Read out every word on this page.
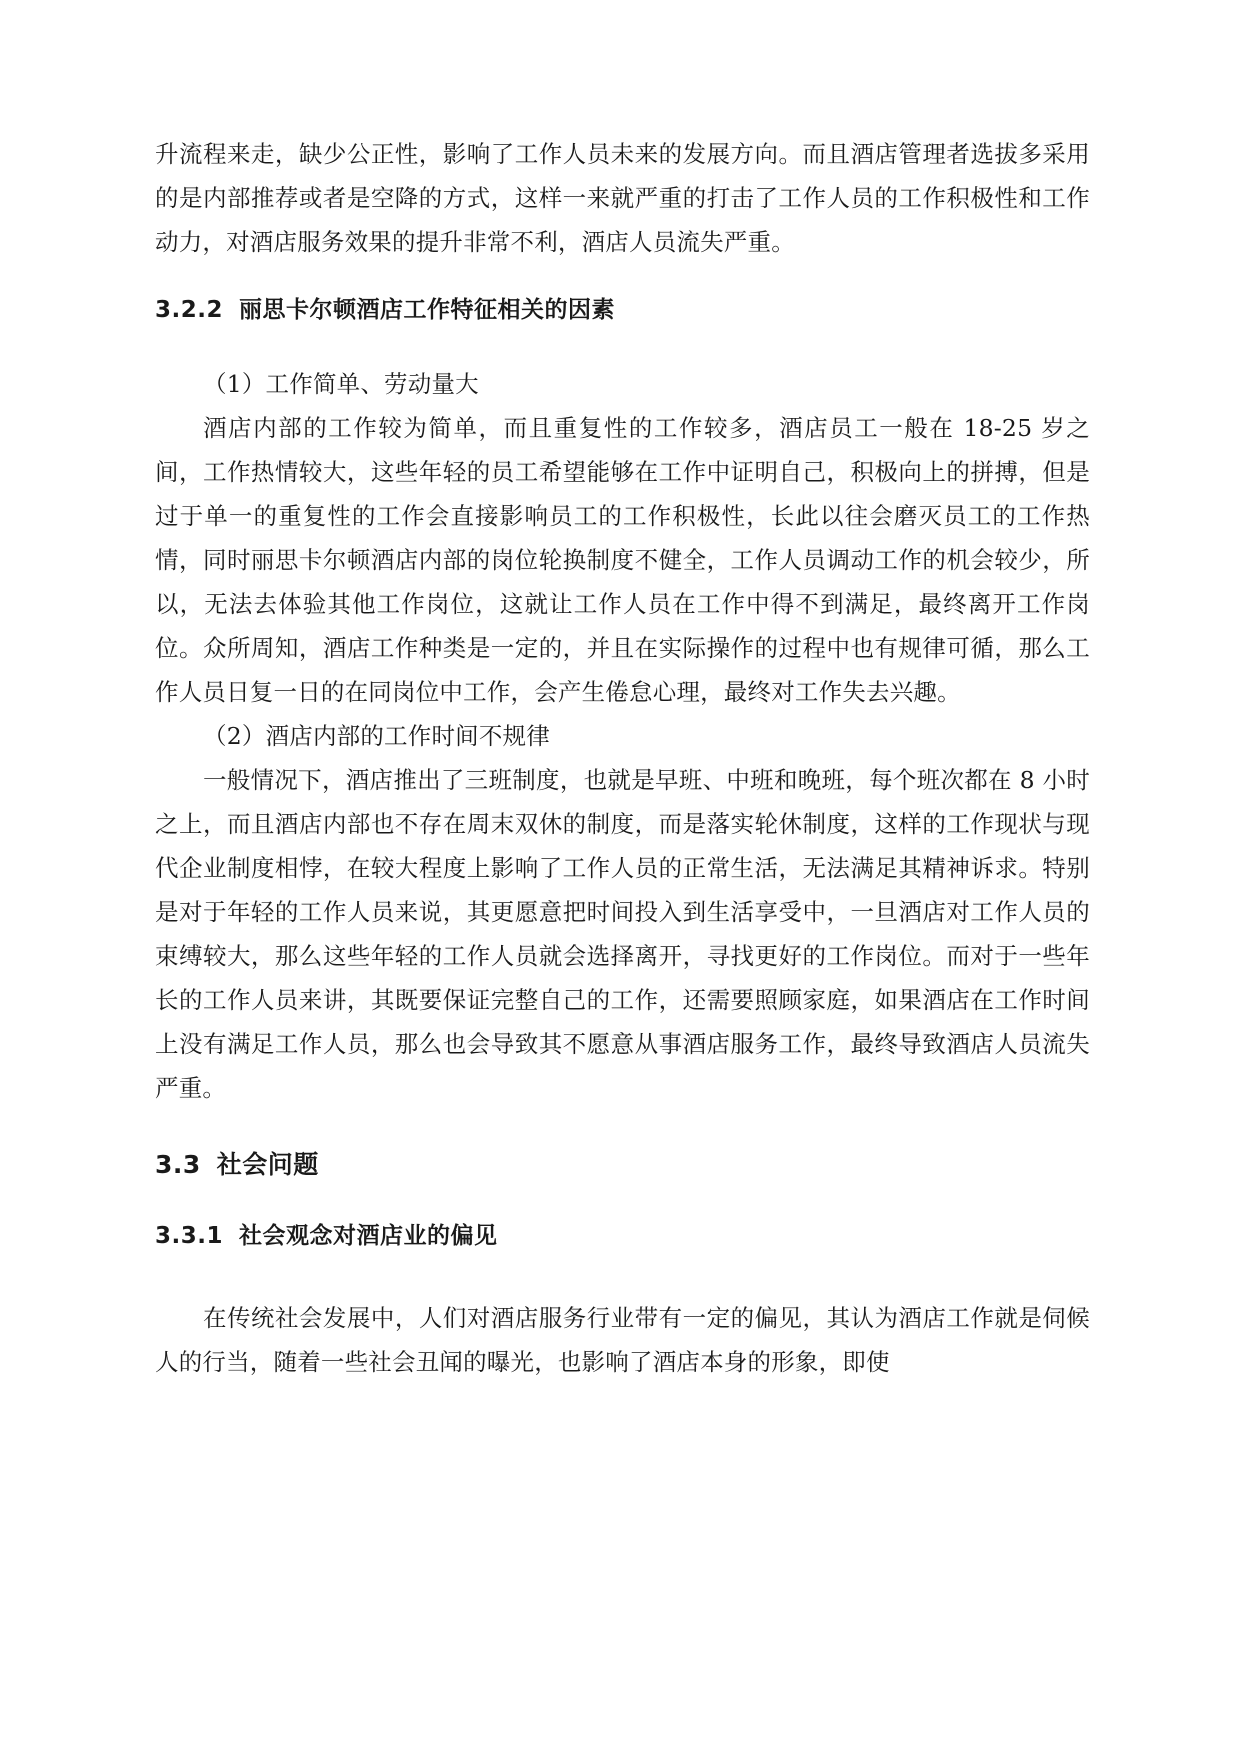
升流程来走，缺少公正性，影响了工作人员未来的发展方向。而且酒店管理者选拔多采用的是内部推荐或者是空降的方式，这样一来就严重的打击了工作人员的工作积极性和工作动力，对酒店服务效果的提升非常不利，酒店人员流失严重。

3.2.2 丽思卡尔顿酒店工作特征相关的因素

（1）工作简单、劳动量大

酒店内部的工作较为简单，而且重复性的工作较多，酒店员工一般在 18-25 岁之间，工作热情较大，这些年轻的员工希望能够在工作中证明自己，积极向上的拼搏，但是过于单一的重复性的工作会直接影响员工的工作积极性，长此以往会磨灭员工的工作热情，同时丽思卡尔顿酒店内部的岗位轮换制度不健全，工作人员调动工作的机会较少，所以，无法去体验其他工作岗位，这就让工作人员在工作中得不到满足，最终离开工作岗位。众所周知，酒店工作种类是一定的，并且在实际操作的过程中也有规律可循，那么工作人员日复一日的在同岗位中工作，会产生倦怠心理，最终对工作失去兴趣。

（2）酒店内部的工作时间不规律

一般情况下，酒店推出了三班制度，也就是早班、中班和晚班，每个班次都在 8 小时之上，而且酒店内部也不存在周末双休的制度，而是落实轮休制度，这样的工作现状与现代企业制度相悖，在较大程度上影响了工作人员的正常生活，无法满足其精神诉求。特别是对于年轻的工作人员来说，其更愿意把时间投入到生活享受中，一旦酒店对工作人员的束缚较大，那么这些年轻的工作人员就会选择离开，寻找更好的工作岗位。而对于一些年长的工作人员来讲，其既要保证完整自己的工作，还需要照顾家庭，如果酒店在工作时间上没有满足工作人员，那么也会导致其不愿意从事酒店服务工作，最终导致酒店人员流失严重。

3.3 社会问题
3.3.1 社会观念对酒店业的偏见

在传统社会发展中，人们对酒店服务行业带有一定的偏见，其认为酒店工作就是伺候人的行当，随着一些社会丑闻的曝光，也影响了酒店本身的形象，即使
